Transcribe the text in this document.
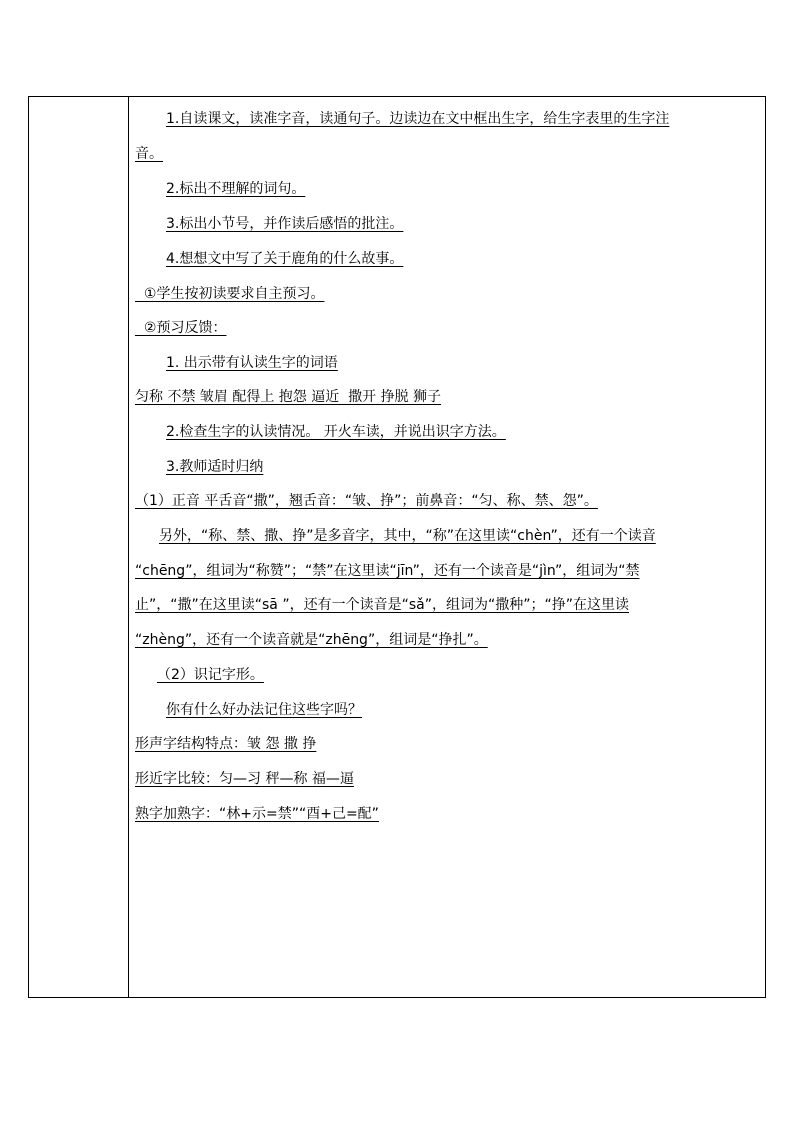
1.自读课文，读准字音，读通句子。边读边在文中框出生字，给生字表里的生字注
音。
2.标出不理解的词句。
3.标出小节号，并作读后感悟的批注。
4.想想文中写了关于鹿角的什么故事。
①学生按初读要求自主预习。
②预习反馈：
1. 出示带有认读生字的词语
匀称 不禁 皱眉 配得上 抱怨 逼近  撒开 挣脱 狮子
2.检查生字的认读情况。 开火车读，并说出识字方法。
3.教师适时归纳
（1）正音 平舌音“撒”，翘舌音：“皱、挣”；前鼻音：“匀、称、禁、怨”。
另外，“称、禁、撒、挣”是多音字，其中，“称”在这里读“chèn”，还有一个读音
“chēng”，组词为“称赞”；“禁”在这里读“jīn”，还有一个读音是“jìn”，组词为“禁
止”，“撒”在这里读“sā ”，还有一个读音是“sǎ”，组词为“撒种”；“挣”在这里读
“zhèng”，还有一个读音就是“zhēng”，组词是“挣扎”。
（2）识记字形。
你有什么好办法记住这些字吗？
形声字结构特点：皱 怨 撒 挣
形近字比较：匀—习 秤—称 福—逼
熟字加熟字：“林+示=禁”“酉+己=配”
